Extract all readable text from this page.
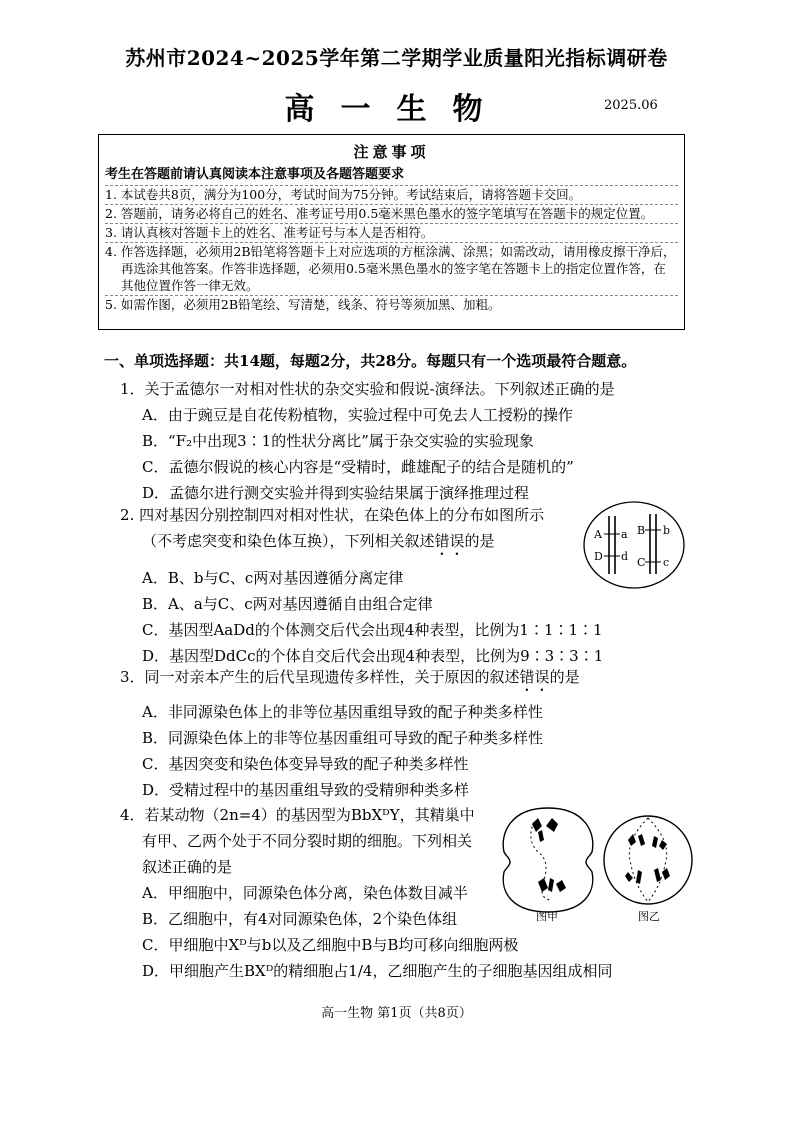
苏州市2024~2025学年第二学期学业质量阳光指标调研卷
高一生物	2025.06
注意事项
考生在答题前请认真阅读本注意事项及各题答题要求
1. 本试卷共8页，满分为100分，考试时间为75分钟。考试结束后，请将答题卡交回。
2. 答题前，请务必将自己的姓名、准考证号用0.5毫米黑色墨水的签字笔填写在答题卡的规定位置。
3. 请认真核对答题卡上的姓名、准考证号与本人是否相符。
4. 作答选择题，必须用2B铅笔将答题卡上对应选项的方框涂满、涂黑；如需改动，请用橡皮擦干净后，再选涂其他答案。作答非选择题，必须用0.5毫米黑色墨水的签字笔在答题卡上的指定位置作答，在其他位置作答一律无效。
5. 如需作图，必须用2B铅笔绘、写清楚，线条、符号等须加黑、加粗。
一、单项选择题：共14题，每题2分，共28分。每题只有一个选项最符合题意。
1．关于孟德尔一对相对性状的杂交实验和假说-演绎法。下列叙述正确的是
A．由于豌豆是自花传粉植物，实验过程中可免去人工授粉的操作
B．“F₂中出现3∶1的性状分离比”属于杂交实验的实验现象
C．孟德尔假说的核心内容是“受精时，雌雄配子的结合是随机的”
D．孟德尔进行测交实验并得到实验结果属于演绎推理过程
2. 四对基因分别控制四对相对性状，在染色体上的分布如图所示
（不考虑突变和染色体互换），下列相关叙述错误的是
A．B、b与C、c两对基因遵循分离定律
B．A、a与C、c两对基因遵循自由组合定律
C．基因型AaDd的个体测交后代会出现4种表型，比例为1∶1∶1∶1
D．基因型DdCc的个体自交后代会出现4种表型，比例为9∶3∶3∶1
A a
D d
B b
C c
3．同一对亲本产生的后代呈现遗传多样性，关于原因的叙述错误的是
A．非同源染色体上的非等位基因重组导致的配子种类多样性
B．同源染色体上的非等位基因重组可导致的配子种类多样性
C．基因突变和染色体变异导致的配子种类多样性
D．受精过程中的基因重组导致的受精卵种类多样
4．若某动物（2n=4）的基因型为BbXᴰY，其精巢中
有甲、乙两个处于不同分裂时期的细胞。下列相关
叙述正确的是
A．甲细胞中，同源染色体分离，染色体数目减半
B．乙细胞中，有4对同源染色体，2个染色体组
C．甲细胞中Xᴰ与b以及乙细胞中B与B均可移向细胞两极
D．甲细胞产生BXᴰ的精细胞占1/4，乙细胞产生的子细胞基因组成相同
图甲	图乙
高一生物 第1页（共8页）
